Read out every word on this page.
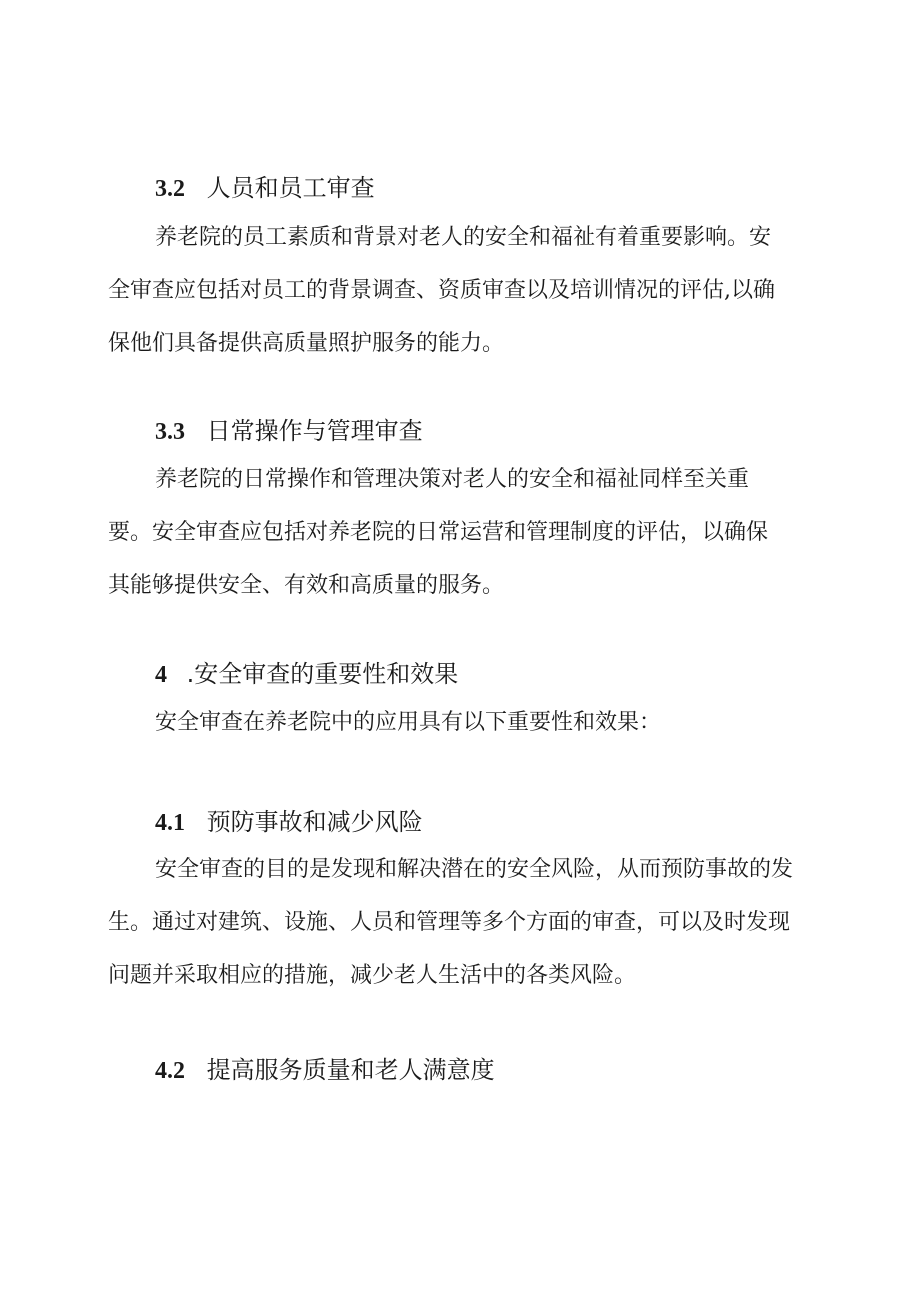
3.2 人员和员工审查
养老院的员工素质和背景对老人的安全和福祉有着重要影响。安
全审查应包括对员工的背景调查、资质审查以及培训情况的评估,以确
保他们具备提供高质量照护服务的能力。
3.3 日常操作与管理审查
养老院的日常操作和管理决策对老人的安全和福祉同样至关重
要。安全审查应包括对养老院的日常运营和管理制度的评估，以确保
其能够提供安全、有效和高质量的服务。
4 .安全审查的重要性和效果
安全审查在养老院中的应用具有以下重要性和效果：
4.1 预防事故和减少风险
安全审查的目的是发现和解决潜在的安全风险，从而预防事故的发
生。通过对建筑、设施、人员和管理等多个方面的审查，可以及时发现
问题并采取相应的措施，减少老人生活中的各类风险。
4.2 提高服务质量和老人满意度
